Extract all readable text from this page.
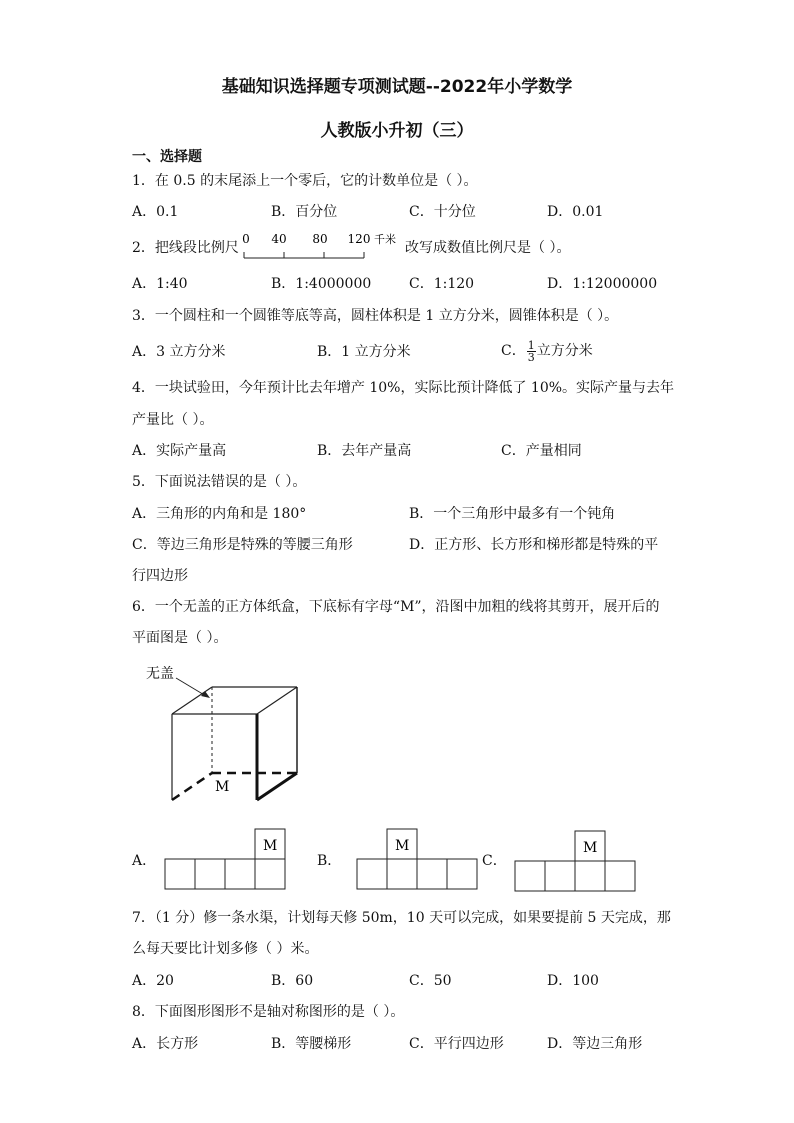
基础知识选择题专项测试题--2022年小学数学
人教版小升初（三）
一、选择题
1．在 0.5 的末尾添上一个零后，它的计数单位是（ ）。
A．0.1	B．百分位	C．十分位	D．0.01
2．把线段比例尺
0 40 80 120 千米
改写成数值比例尺是（ ）。
A．1:40	B．1:4000000	C．1:120	D．1:12000000
3．一个圆柱和一个圆锥等底等高，圆柱体积是 1 立方分米，圆锥体积是（ ）。
A．3 立方分米	B．1 立方分米	C． $\frac{1}{3}$ 立方分米
4．一块试验田，今年预计比去年增产 10%，实际比预计降低了 10%。实际产量与去年
产量比（ ）。
A．实际产量高	B．去年产量高	C．产量相同
5．下面说法错误的是（ ）。
A．三角形的内角和是 180°	B．一个三角形中最多有一个钝角
C．等边三角形是特殊的等腰三角形	D．正方形、长方形和梯形都是特殊的平
行四边形
6．一个无盖的正方体纸盒，下底标有字母“M”，沿图中加粗的线将其剪开，展开后的
平面图是（ ）。
无盖
M
A．
M
B．
M
C．
M
7．（1 分）修一条水渠，计划每天修 50m，10 天可以完成，如果要提前 5 天完成，那
么每天要比计划多修（ ）米。
A．20	B．60	C．50	D．100
8．下面图形图形不是轴对称图形的是（ ）。
A．长方形	B．等腰梯形	C．平行四边形	D．等边三角形
